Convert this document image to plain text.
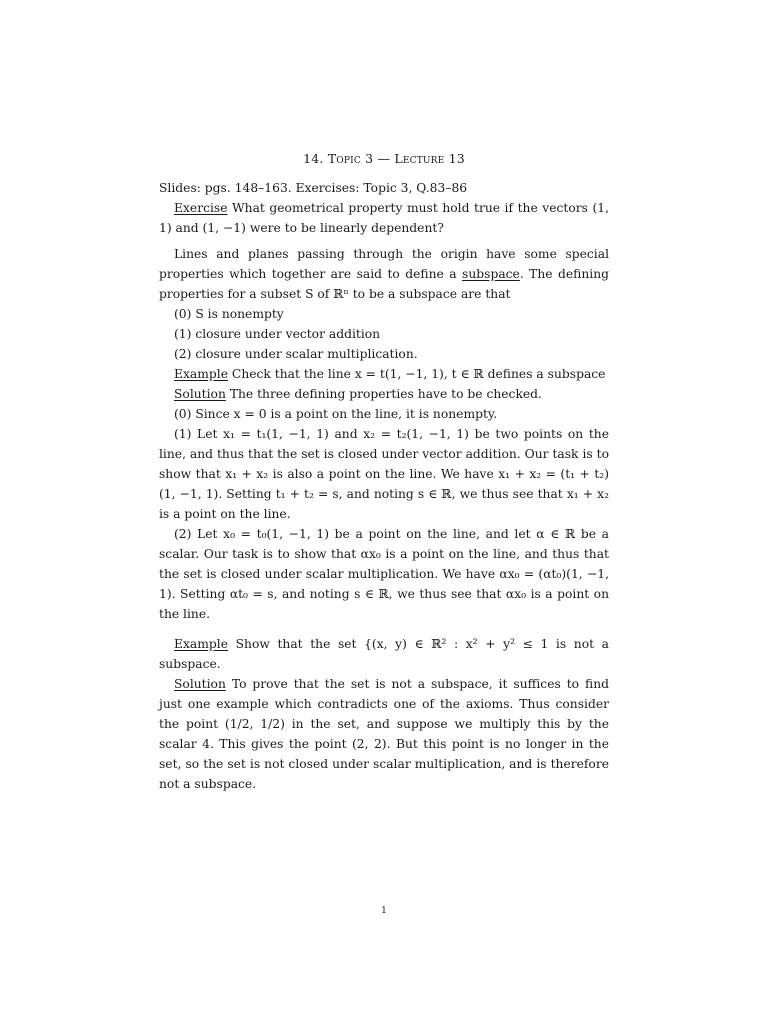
14. Topic 3 — Lecture 13

Slides: pgs. 148–163. Exercises: Topic 3, Q.83–86

Exercise What geometrical property must hold true if the vectors (1, 1) and (1, −1) were to be linearly dependent?

Lines and planes passing through the origin have some special properties which together are said to define a subspace. The defining properties for a subset S of ℝⁿ to be a subspace are that

(0) S is nonempty

(1) closure under vector addition

(2) closure under scalar multiplication.

Example Check that the line x = t(1, −1, 1), t ∈ ℝ defines a subspace

Solution The three defining properties have to be checked.

(0) Since x = 0 is a point on the line, it is nonempty.

(1) Let x₁ = t₁(1, −1, 1) and x₂ = t₂(1, −1, 1) be two points on the line, and thus that the set is closed under vector addition. Our task is to show that x₁ + x₂ is also a point on the line. We have x₁ + x₂ = (t₁ + t₂)(1, −1, 1). Setting t₁ + t₂ = s, and noting s ∈ ℝ, we thus see that x₁ + x₂ is a point on the line.

(2) Let x₀ = t₀(1, −1, 1) be a point on the line, and let α ∈ ℝ be a scalar. Our task is to show that αx₀ is a point on the line, and thus that the set is closed under scalar multiplication. We have αx₀ = (αt₀)(1, −1, 1). Setting αt₀ = s, and noting s ∈ ℝ, we thus see that αx₀ is a point on the line.

Example Show that the set {(x, y) ∈ ℝ² : x² + y² ≤ 1 is not a subspace.

Solution To prove that the set is not a subspace, it suffices to find just one example which contradicts one of the axioms. Thus consider the point (1/2, 1/2) in the set, and suppose we multiply this by the scalar 4. This gives the point (2, 2). But this point is no longer in the set, so the set is not closed under scalar multiplication, and is therefore not a subspace.

1
